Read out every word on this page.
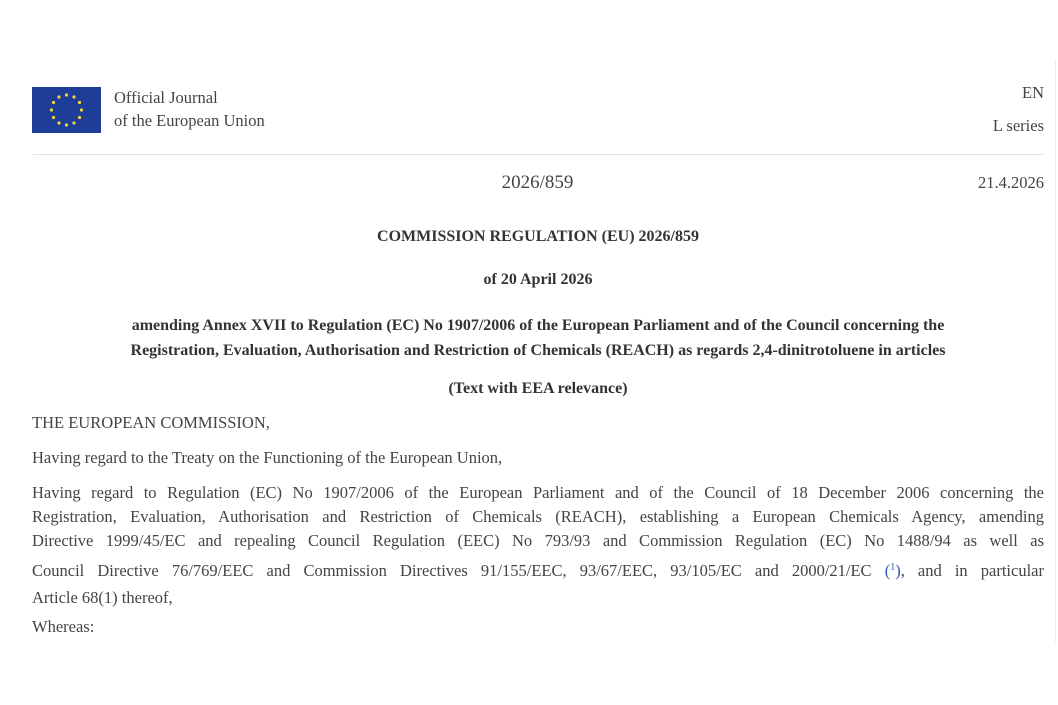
Official Journal
of the European Union
EN
L series
2026/859	21.4.2026
COMMISSION REGULATION (EU) 2026/859
of 20 April 2026
amending Annex XVII to Regulation (EC) No 1907/2006 of the European Parliament and of the Council concerning the
Registration, Evaluation, Authorisation and Restriction of Chemicals (REACH) as regards 2,4-dinitrotoluene in articles
(Text with EEA relevance)
THE EUROPEAN COMMISSION,
Having regard to the Treaty on the Functioning of the European Union,
Having regard to Regulation (EC) No 1907/2006 of the European Parliament and of the Council of 18 December 2006 concerning the
Registration, Evaluation, Authorisation and Restriction of Chemicals (REACH), establishing a European Chemicals Agency, amending
Directive 1999/45/EC and repealing Council Regulation (EEC) No 793/93 and Commission Regulation (EC) No 1488/94 as well as
Council Directive 76/769/EEC and Commission Directives 91/155/EEC, 93/67/EEC, 93/105/EC and 2000/21/EC ($^1$), and in particular
Article 68(1) thereof,
Whereas:
